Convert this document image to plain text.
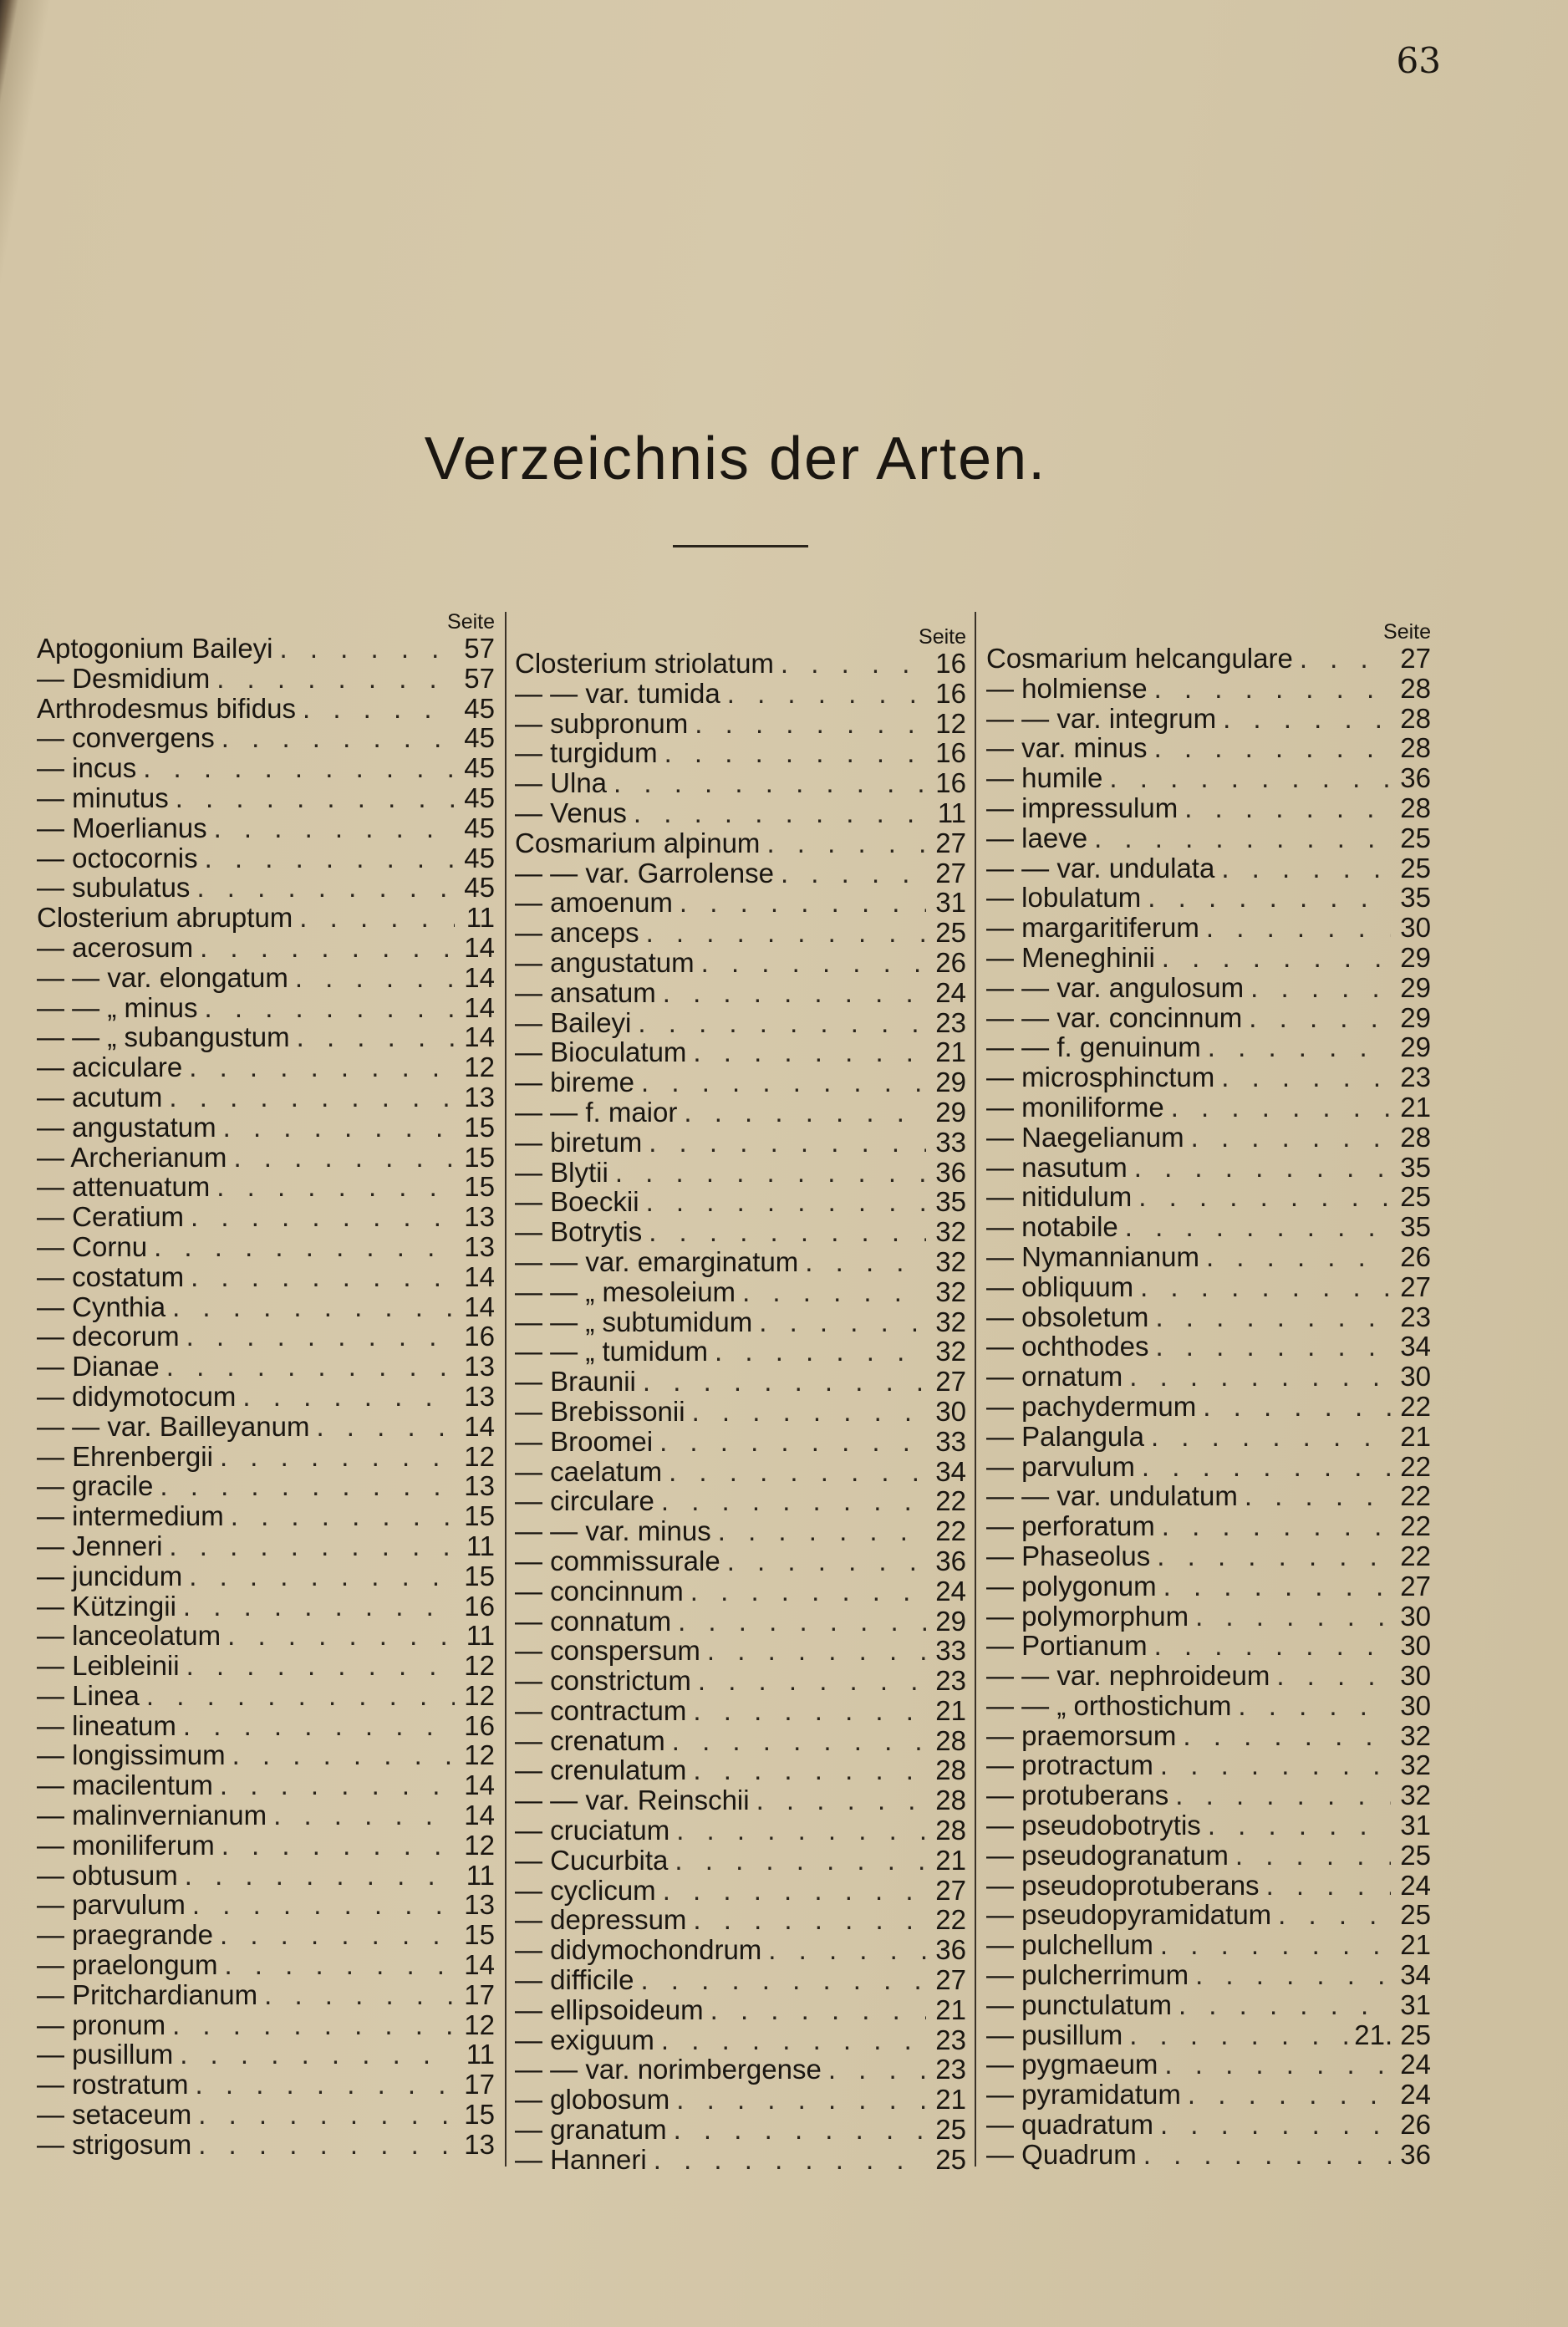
63
Verzeichnis der Arten.
Seite
Aptogonium Baileyi . . .	57
— Desmidium . . .	57
Arthrodesmus bifidus . . .	45
— convergens . . .	45
— incus . . .	45
— minutus . . .	45
— Moerlianus . . .	45
— octocornis . . .	45
— subulatus . . .	45
Closterium abruptum . . .	11
— acerosum . . .	14
— — var. elongatum . . .	14
— — „ minus . . .	14
— — „ subangustum . . .	14
— aciculare . . .	12
— acutum . . .	13
— angustatum . . .	15
— Archerianum . . .	15
— attenuatum . . .	15
— Ceratium . . .	13
— Cornu . . .	13
— costatum . . .	14
— Cynthia . . .	14
— decorum . . .	16
— Dianae . . .	13
— didymotocum . . .	13
— — var. Bailleyanum . . .	14
— Ehrenbergii . . .	12
— gracile . . .	13
— intermedium . . .	15
— Jenneri . . .	11
— juncidum . . .	15
— Kützingii . . .	16
— lanceolatum . . .	11
— Leibleinii . . .	12
— Linea . . .	12
— lineatum . . .	16
— longissimum . . .	12
— macilentum . . .	14
— malinvernianum . . .	14
— moniliferum . . .	12
— obtusum . . .	11
— parvulum . . .	13
— praegrande . . .	15
— praelongum . . .	14
— Pritchardianum . . .	17
— pronum . . .	12
— pusillum . . .	11
— rostratum . . .	17
— setaceum . . .	15
— strigosum . . .	13
Seite
Closterium striolatum . . .	16
— — var. tumida . . .	16
— subpronum . . .	12
— turgidum . . .	16
— Ulna . . .	16
— Venus . . .	11
Cosmarium alpinum . . .	27
— — var. Garrolense . . .	27
— amoenum . . .	31
— anceps . . .	25
— angustatum . . .	26
— ansatum . . .	24
— Baileyi . . .	23
— Bioculatum . . .	21
— bireme . . .	29
— — f. maior . . .	29
— biretum . . .	33
— Blytii . . .	36
— Boeckii . . .	35
— Botrytis . . .	32
— — var. emarginatum . . .	32
— — „ mesoleium . . .	32
— — „ subtumidum . . .	32
— — „ tumidum . . .	32
— Braunii . . .	27
— Brebissonii . . .	30
— Broomei . . .	33
— caelatum . . .	34
— circulare . . .	22
— — var. minus . . .	22
— commissurale . . .	36
— concinnum . . .	24
— connatum . . .	29
— conspersum . . .	33
— constrictum . . .	23
— contractum . . .	21
— crenatum . . .	28
— crenulatum . . .	28
— — var. Reinschii . . .	28
— cruciatum . . .	28
— Cucurbita . . .	21
— cyclicum . . .	27
— depressum . . .	22
— didymochondrum . . .	36
— difficile . . .	27
— ellipsoideum . . .	21
— exiguum . . .	23
— — var. norimbergense . . .	23
— globosum . . .	21
— granatum . . .	25
— Hanneri . . .	25
Seite
Cosmarium helcangulare . . .	27
— holmiense . . .	28
— — var. integrum . . .	28
— var. minus . . .	28
— humile . . .	36
— impressulum . . .	28
— laeve . . .	25
— — var. undulata . . .	25
— lobulatum . . .	35
— margaritiferum . . .	30
— Meneghinii . . .	29
— — var. angulosum . . .	29
— — var. concinnum . . .	29
— — f. genuinum . . .	29
— microsphinctum . . .	23
— moniliforme . . .	21
— Naegelianum . . .	28
— nasutum . . .	35
— nitidulum . . .	25
— notabile . . .	35
— Nymannianum . . .	26
— obliquum . . .	27
— obsoletum . . .	23
— ochthodes . . .	34
— ornatum . . .	30
— pachydermum . . .	22
— Palangula . . .	21
— parvulum . . .	22
— — var. undulatum . . .	22
— perforatum . . .	22
— Phaseolus . . .	22
— polygonum . . .	27
— polymorphum . . .	30
— Portianum . . .	30
— — var. nephroideum . . .	30
— — „ orthostichum . . .	30
— praemorsum . . .	32
— protractum . . .	32
— protuberans . . .	32
— pseudobotrytis . . .	31
— pseudogranatum . . .	25
— pseudoprotuberans . . .	24
— pseudopyramidatum . . .	25
— pulchellum . . .	21
— pulcherrimum . . .	34
— punctulatum . . .	31
— pusillum . . .	21. 25
— pygmaeum . . .	24
— pyramidatum . . .	24
— quadratum . . .	26
— Quadrum . . .	36
